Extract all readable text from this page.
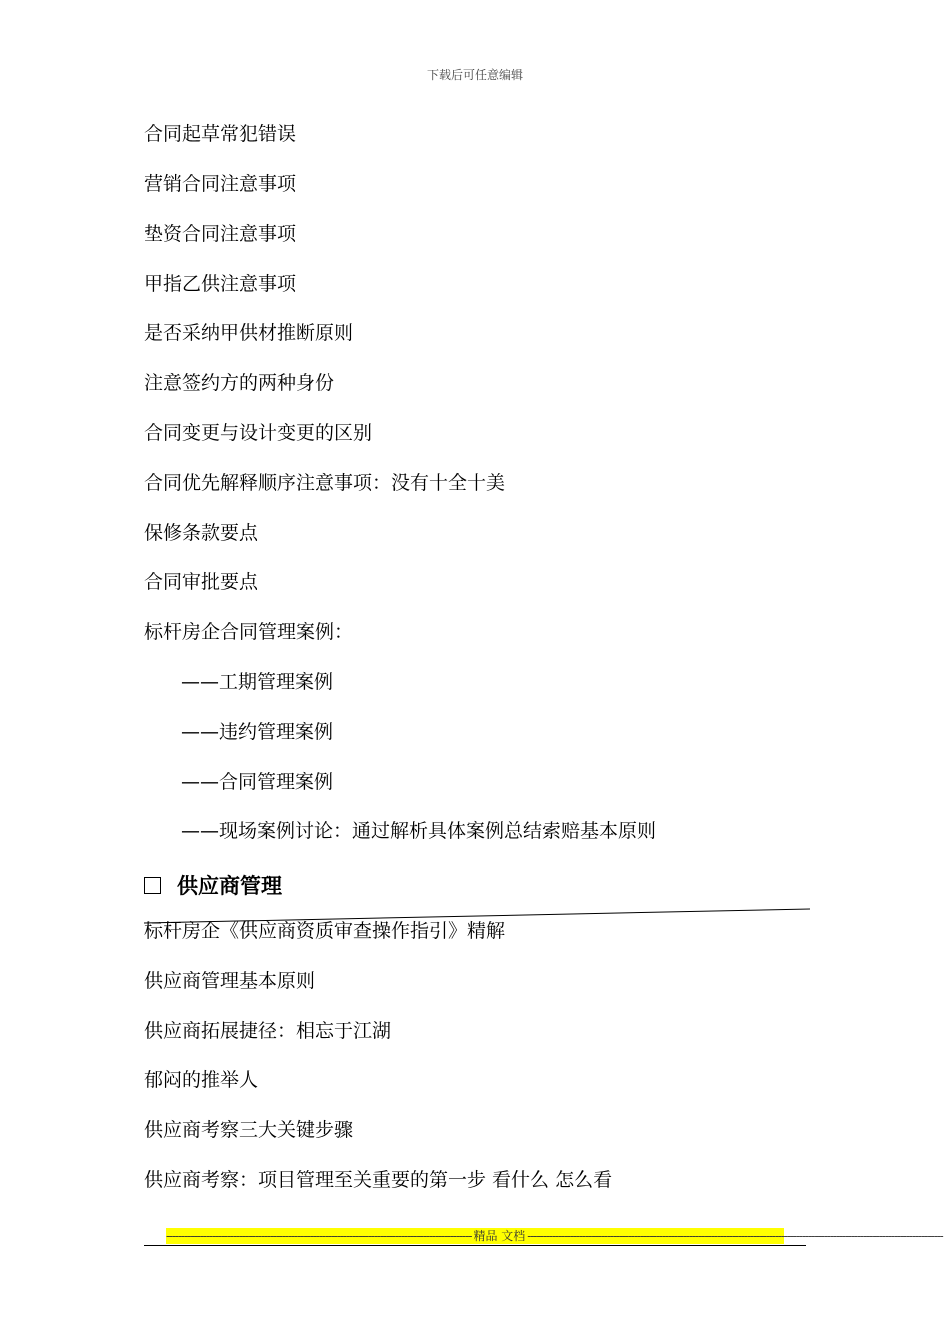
下载后可任意编辑
合同起草常犯错误
营销合同注意事项
垫资合同注意事项
甲指乙供注意事项
是否采纳甲供材推断原则
注意签约方的两种身份
合同变更与设计变更的区别
合同优先解释顺序注意事项：没有十全十美
保修条款要点
合同审批要点
标杆房企合同管理案例：
——工期管理案例
——违约管理案例
——合同管理案例
——现场案例讨论：通过解析具体案例总结索赔基本原则
供应商管理
标杆房企《供应商资质审查操作指引》精解
供应商管理基本原则
供应商拓展捷径：相忘于江湖
郁闷的推举人
供应商考察三大关键步骤
供应商考察：项目管理至关重要的第一步 看什么 怎么看
---------------------------------------------------------------------------------------------------- 精品 文档 ----------------------------------------------------------------------------------------------------------------------------------------
